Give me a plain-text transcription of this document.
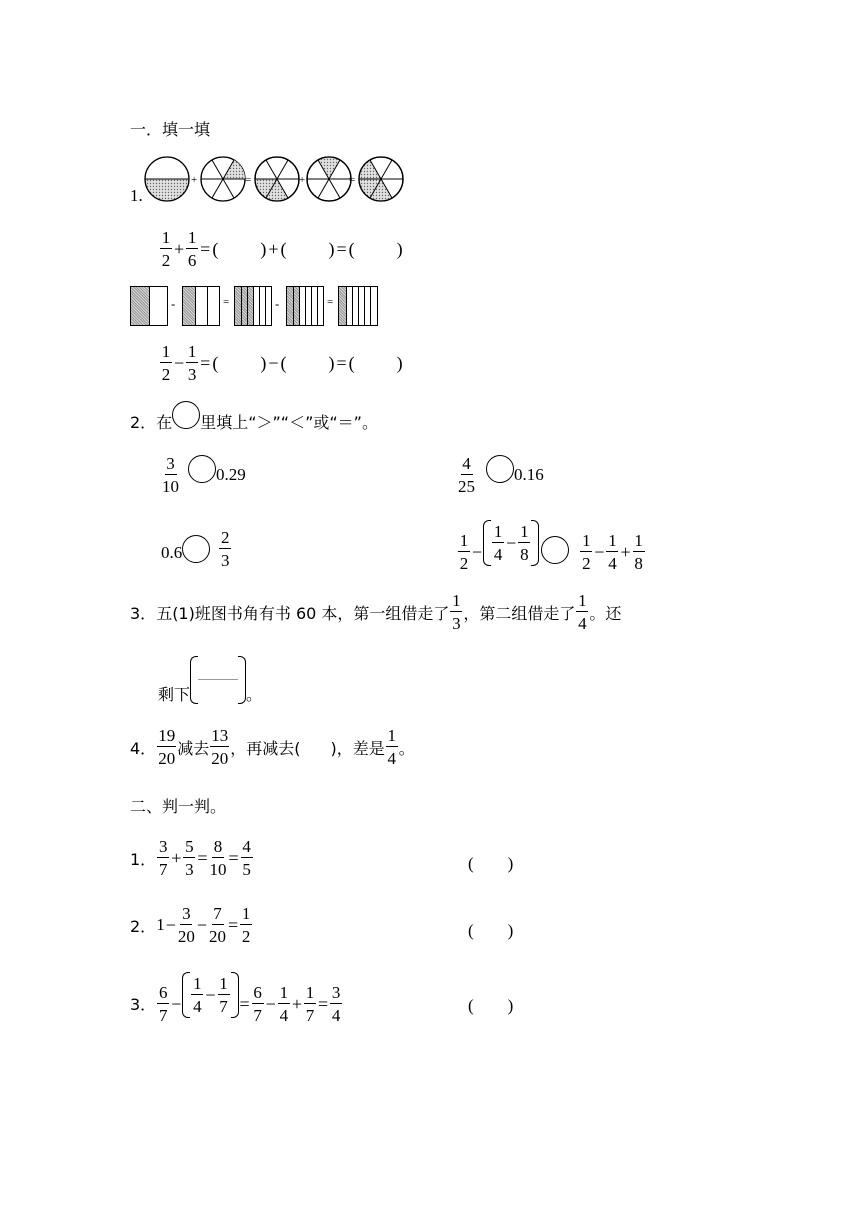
一．填一填
1.
+	=	+	=
$\frac{1}{2} + \frac{1}{6}$ = ( ) + ( ) = ( )
-	=	-	=
$\frac{1}{2} - \frac{1}{3}$ = ( ) − ( ) = ( )
2． 在 里填上“＞”“＜”或“＝”。
$\frac{3}{10} 0.29$	$\frac{4}{25} 0.16$
$0.6 \frac{2}{3}$	$\frac{1}{2} - \frac{1}{4} - \frac{1}{8}$	$\frac{1}{2} - \frac{1}{4} + \frac{1}{8}$
3． 五(1)班图书角有书 60 本，第一组借走了 $\frac{1}{3}$ ，第二组借走了 $\frac{1}{4}$ 。还
剩下	。
4． $\frac{19}{20}$ 减去 $\frac{13}{20}$ ，再减去( )，差是 $\frac{1}{4}$ 。
二、判一判。
1． $\frac{3}{7} + \frac{5}{3} = \frac{8}{10} = \frac{4}{5}$	(　　)
2． $1 - \frac{3}{20} - \frac{7}{20} = \frac{1}{2}$	(　　)
3． $\frac{6}{7} - \frac{1}{4} - \frac{1}{7} = \frac{6}{7} - \frac{1}{4} + \frac{1}{7} = \frac{3}{4}$	(　　)
